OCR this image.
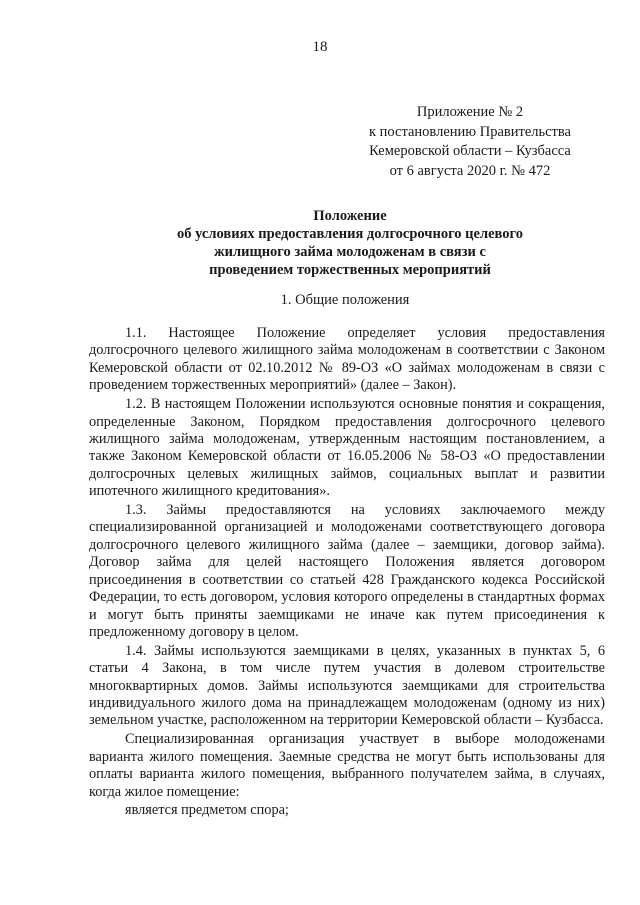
18
Приложение № 2
к постановлению Правительства
Кемеровской области – Кузбасса
от 6 августа 2020 г. № 472
Положение
об условиях предоставления долгосрочного целевого
жилищного займа молодоженам в связи с
проведением торжественных мероприятий
1. Общие положения

1.1. Настоящее Положение определяет условия предоставления долгосрочного целевого жилищного займа молодоженам в соответствии с Законом Кемеровской области от 02.10.2012 № 89-ОЗ «О займах молодоженам в связи с проведением торжественных мероприятий» (далее – Закон).

1.2. В настоящем Положении используются основные понятия и сокращения, определенные Законом, Порядком предоставления долгосрочного целевого жилищного займа молодоженам, утвержденным настоящим постановлением, а также Законом Кемеровской области от 16.05.2006 № 58-ОЗ «О предоставлении долгосрочных целевых жилищных займов, социальных выплат и развитии ипотечного жилищного кредитования».

1.3. Займы предоставляются на условиях заключаемого между специализированной организацией и молодоженами соответствующего договора долгосрочного целевого жилищного займа (далее – заемщики, договор займа). Договор займа для целей настоящего Положения является договором присоединения в соответствии со статьей 428 Гражданского кодекса Российской Федерации, то есть договором, условия которого определены в стандартных формах и могут быть приняты заемщиками не иначе как путем присоединения к предложенному договору в целом.

1.4. Займы используются заемщиками в целях, указанных в пунктах 5, 6 статьи 4 Закона, в том числе путем участия в долевом строительстве многоквартирных домов. Займы используются заемщиками для строительства индивидуального жилого дома на принадлежащем молодоженам (одному из них) земельном участке, расположенном на территории Кемеровской области – Кузбасса.

Специализированная организация участвует в выборе молодоженами варианта жилого помещения. Заемные средства не могут быть использованы для оплаты варианта жилого помещения, выбранного получателем займа, в случаях, когда жилое помещение:

является предметом спора;
